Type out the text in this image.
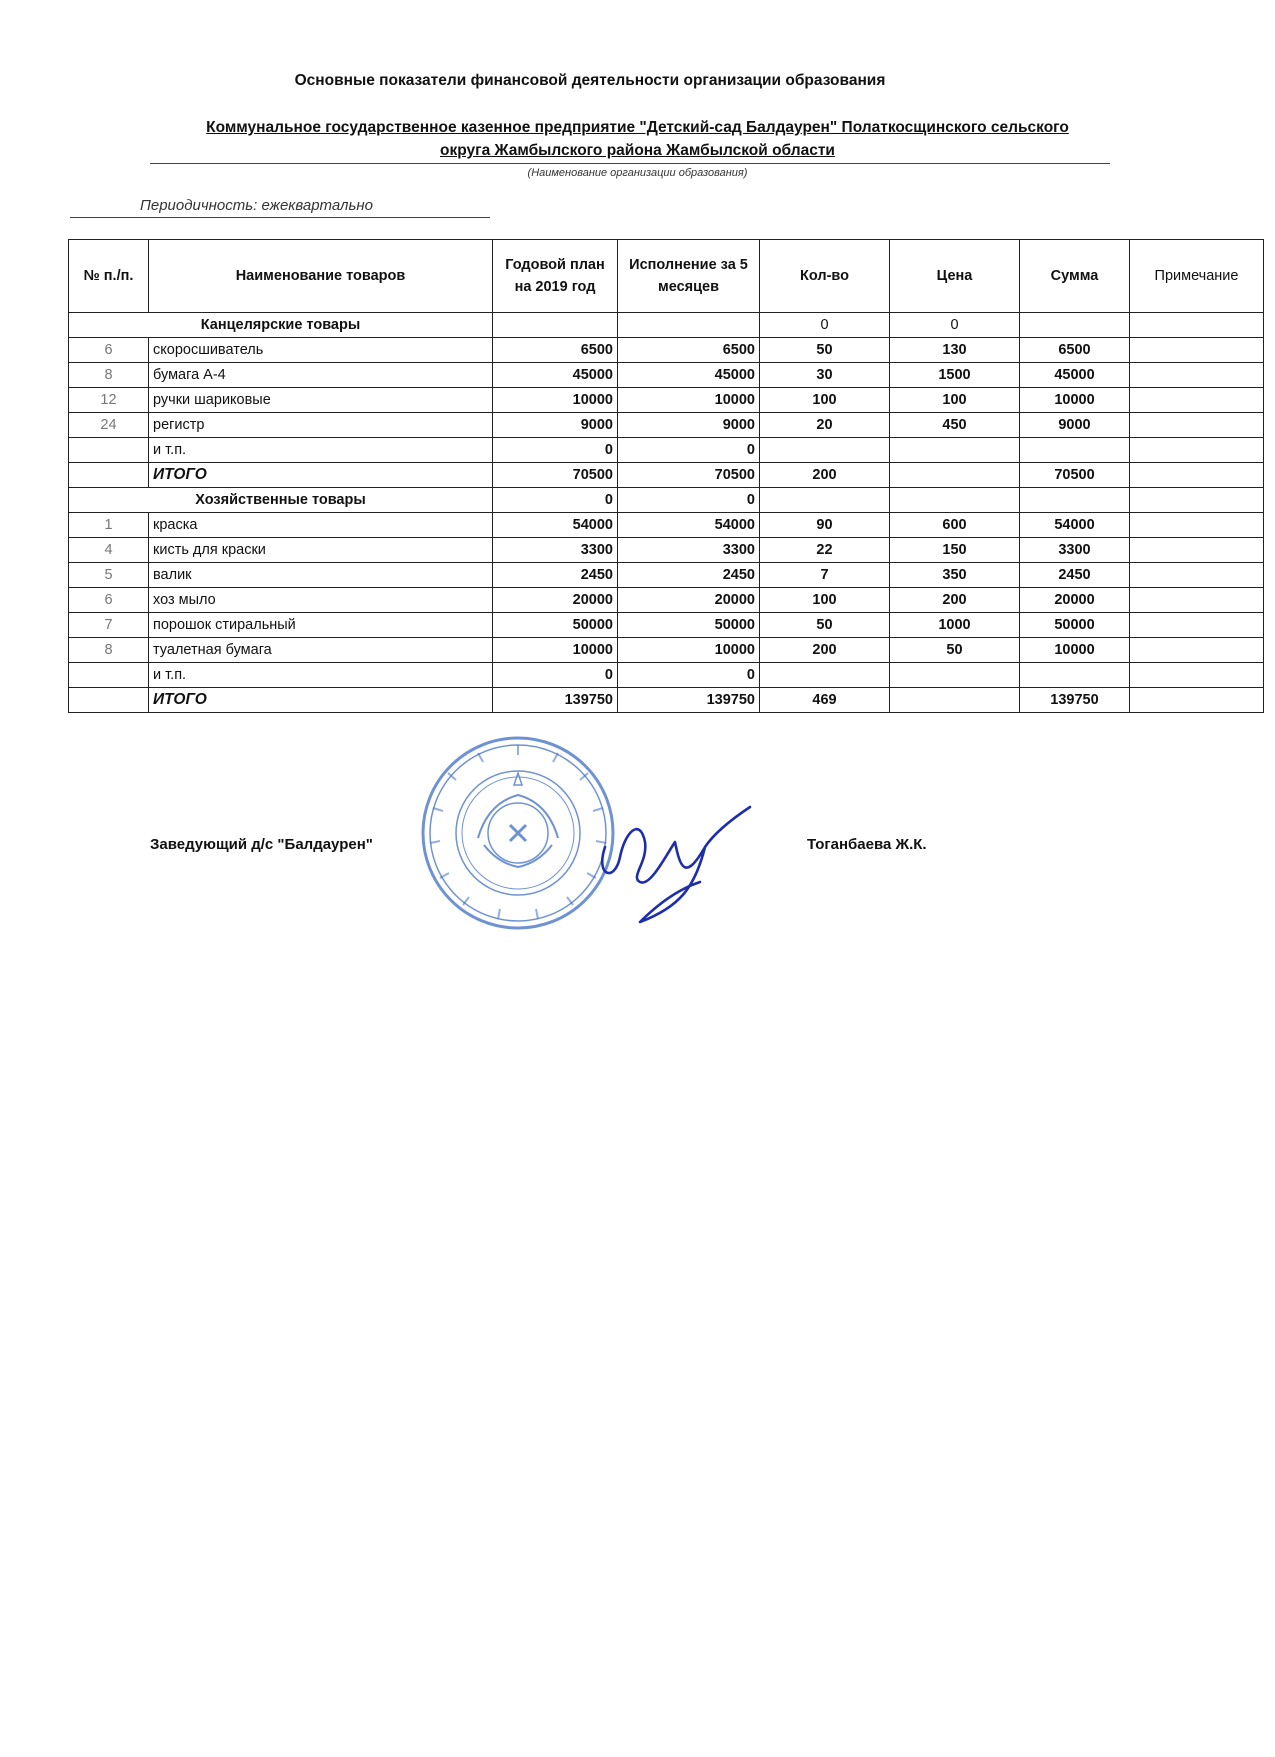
Основные показатели финансовой деятельности организации образования
Коммунальное государственное казенное предприятие "Детский-сад Балдаурен" Полаткосщинского сельского
округа Жамбылского района Жамбылской области
(Наименование организации образования)
Периодичность: ежеквартально
№ п./п.	Наименование товаров	Годовой план на 2019 год	Исполнение за 5 месяцев	Кол-во	Цена	Сумма	Примечание
Канцелярские товары				0	0		
6	скоросшиватель	6500	6500	50	130	6500	
8	бумага А-4	45000	45000	30	1500	45000	
12	ручки шариковые	10000	10000	100	100	10000	
24	регистр	9000	9000	20	450	9000	
	и т.п.	0	0				
	ИТОГО	70500	70500	200		70500	
Хозяйственные товары		0	0				
1	краска	54000	54000	90	600	54000	
4	кисть для краски	3300	3300	22	150	3300	
5	валик	2450	2450	7	350	2450	
6	хоз мыло	20000	20000	100	200	20000	
7	порошок стиральный	50000	50000	50	1000	50000	
8	туалетная бумага	10000	10000	200	50	10000	
	и т.п.	0	0				
	ИТОГО	139750	139750	469		139750	
Заведующий д/с "Балдаурен"	Тоганбаева Ж.К.
